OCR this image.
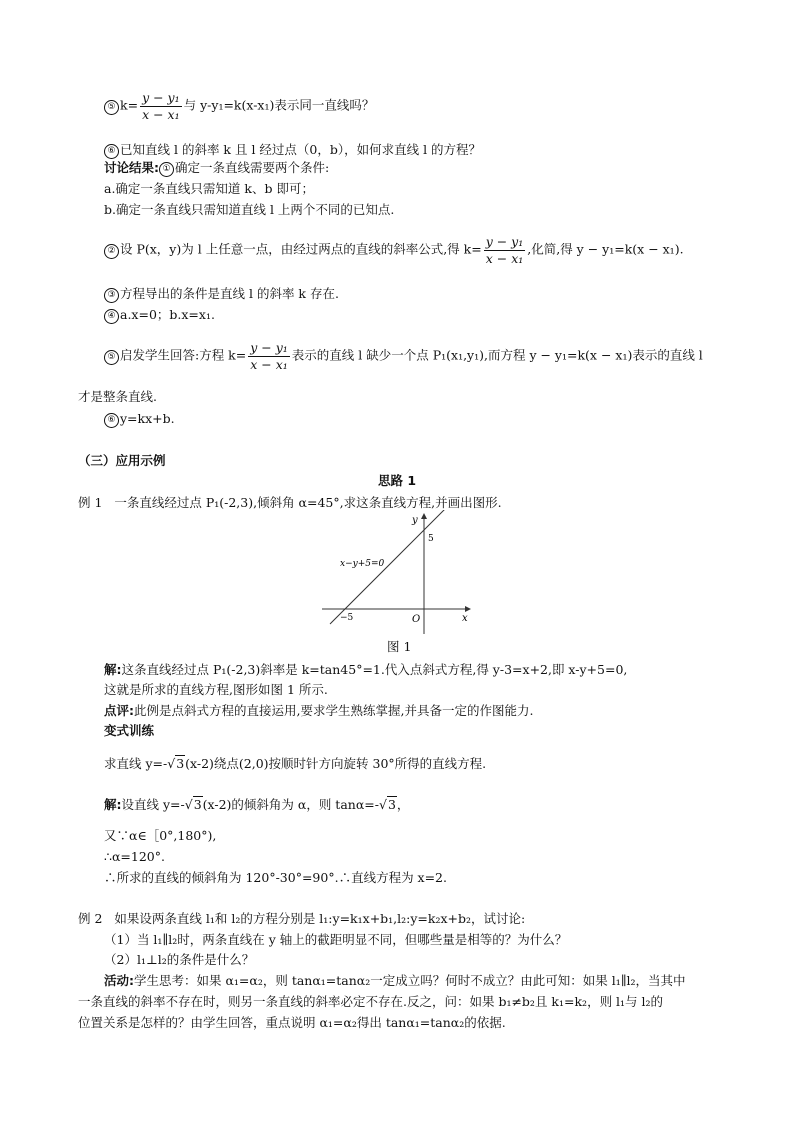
⑤ $k= \frac{\text{y − y₁}}{\text{x − x₁}}$ 与 y-y₁=k(x-x₁)表示同一直线吗？
⑥ 已知直线 l 的斜率 k 且 l 经过点（0，b），如何求直线 l 的方程？
讨论结果: ① 确定一条直线需要两个条件:
a.确定一条直线只需知道 k、b 即可；
b.确定一条直线只需知道直线 l 上两个不同的已知点.
② 设 P(x，y)为 l 上任意一点，由经过两点的直线的斜率公式,得 $k= \frac{\text{y − y₁}}{\text{x − x₁}}$ ,化简,得 y − y₁=k(x − x₁).
③ 方程导出的条件是直线 l 的斜率 k 存在.
④ a.x=0；b.x=x₁.
⑤ 启发学生回答:方程 $k= \frac{\text{y − y₁}}{\text{x − x₁}}$ 表示的直线 l 缺少一个点 P₁(x₁,y₁),而方程 y − y₁=k(x − x₁)表示的直线 l
才是整条直线.
⑥ y=kx+b.
（三）应用示例
思路 1
例 1 一条直线经过点 P₁(-2,3),倾斜角 α=45°,求这条直线方程,并画出图形.
x
y
O
−5
5
x−y+5=0
图 1
解:这条直线经过点 P₁(-2,3)斜率是 k=tan45°=1.代入点斜式方程,得 y-3=x+2,即 x-y+5=0,
这就是所求的直线方程,图形如图 1 所示.
点评:此例是点斜式方程的直接运用,要求学生熟练掌握,并具备一定的作图能力.
变式训练
求直线 y=-√3(x-2)绕点(2,0)按顺时针方向旋转 30°所得的直线方程.
解:设直线 y=-√3(x-2)的倾斜角为 α，则 tanα=-√3，
又∵α∈［0°,180°),
∴α=120°.
∴所求的直线的倾斜角为 120°-30°=90°.∴直线方程为 x=2.
例 2 如果设两条直线 l₁和 l₂的方程分别是 l₁:y=k₁x+b₁,l₂:y=k₂x+b₂，试讨论:
（1）当 l₁∥l₂时，两条直线在 y 轴上的截距明显不同，但哪些量是相等的？为什么？
（2）l₁⊥l₂的条件是什么？
活动:学生思考：如果 α₁=α₂，则 tanα₁=tanα₂一定成立吗？何时不成立？由此可知：如果 l₁∥l₂，当其中
一条直线的斜率不存在时，则另一条直线的斜率必定不存在.反之，问：如果 b₁≠b₂且 k₁=k₂，则 l₁与 l₂的
位置关系是怎样的？由学生回答，重点说明 α₁=α₂得出 tanα₁=tanα₂的依据.
